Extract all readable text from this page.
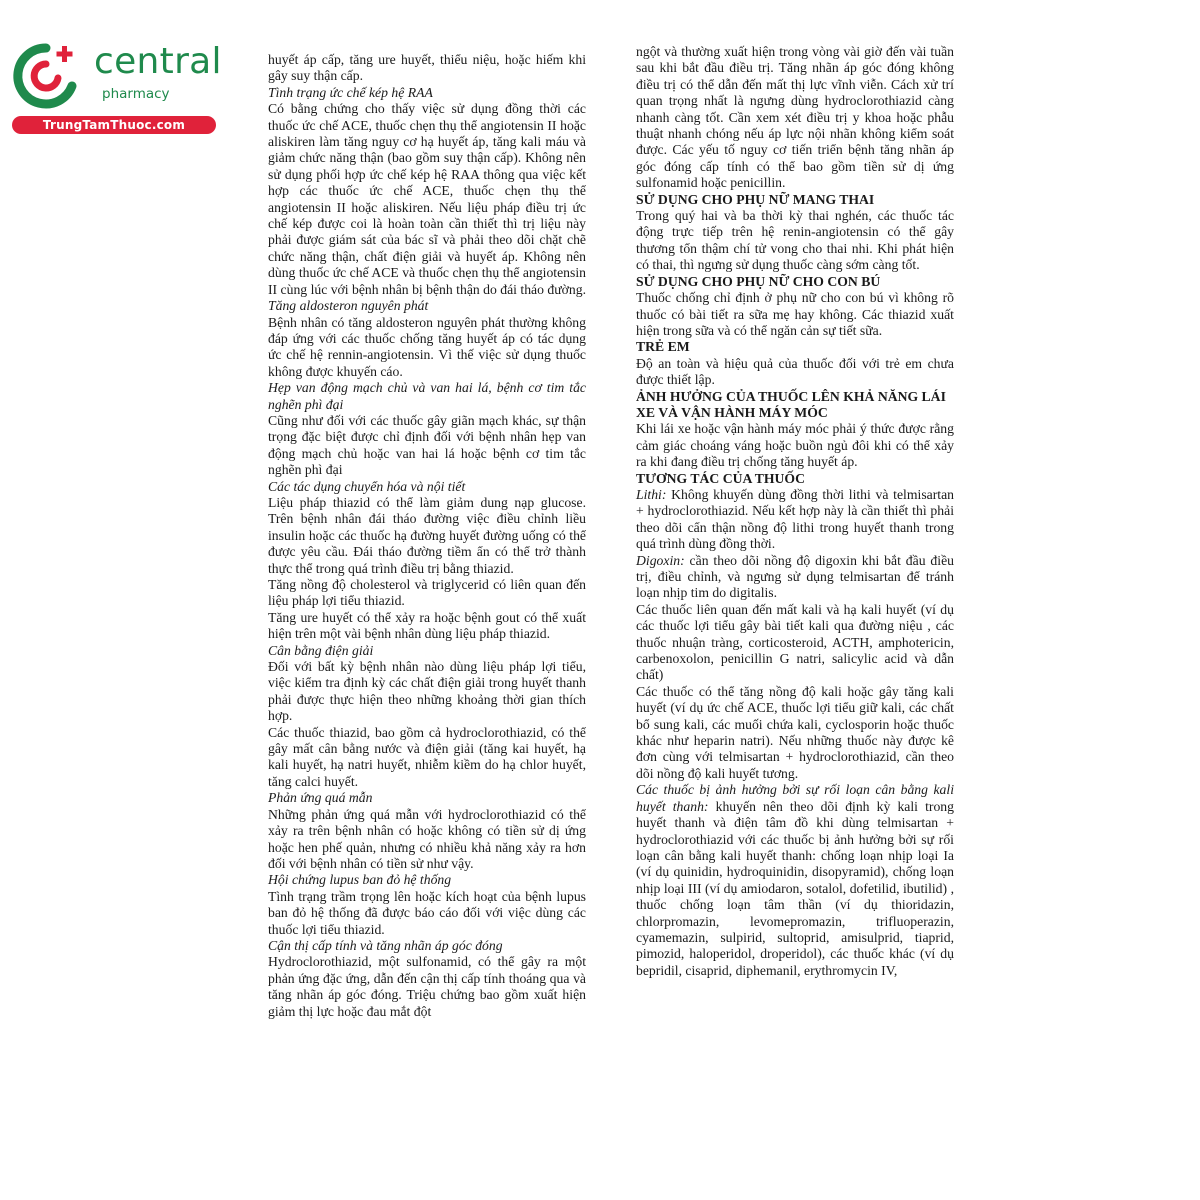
central
pharmacy
TrungTamThuoc.com

huyết áp cấp, tăng ure huyết, thiểu niệu, hoặc hiếm khi gây suy thận cấp.

Tình trạng ức chế kép hệ RAA

Có bằng chứng cho thấy việc sử dụng đồng thời các thuốc ức chế ACE, thuốc chẹn thụ thể angiotensin II hoặc aliskiren làm tăng nguy cơ hạ huyết áp, tăng kali máu và giảm chức năng thận (bao gồm suy thận cấp). Không nên sử dụng phối hợp ức chế kép hệ RAA thông qua việc kết hợp các thuốc ức chế ACE, thuốc chẹn thụ thể angiotensin II hoặc aliskiren. Nếu liệu pháp điều trị ức chế kép được coi là hoàn toàn cần thiết thì trị liệu này phải được giám sát của bác sĩ và phải theo dõi chặt chẽ chức năng thận, chất điện giải và huyết áp. Không nên dùng thuốc ức chế ACE và thuốc chẹn thụ thể angiotensin II cùng lúc với bệnh nhân bị bệnh thận do đái tháo đường.

Tăng aldosteron nguyên phát

Bệnh nhân có tăng aldosteron nguyên phát thường không đáp ứng với các thuốc chống tăng huyết áp có tác dụng ức chế hệ rennin-angiotensin. Vì thế việc sử dụng thuốc không được khuyến cáo.

Hẹp van động mạch chủ và van hai lá, bệnh cơ tim tắc nghẽn phì đại

Cũng như đối với các thuốc gây giãn mạch khác, sự thận trọng đặc biệt được chỉ định đối với bệnh nhân hẹp van động mạch chủ hoặc van hai lá hoặc bệnh cơ tim tắc nghẽn phì đại

Các tác dụng chuyển hóa và nội tiết

Liệu pháp thiazid có thể làm giảm dung nạp glucose. Trên bệnh nhân đái tháo đường việc điều chỉnh liều insulin hoặc các thuốc hạ đường huyết đường uống có thể được yêu cầu. Đái tháo đường tiềm ẩn có thể trở thành thực thể trong quá trình điều trị bằng thiazid.

Tăng nồng độ cholesterol và triglycerid có liên quan đến liệu pháp lợi tiểu thiazid.

Tăng ure huyết có thể xảy ra hoặc bệnh gout có thể xuất hiện trên một vài bệnh nhân dùng liệu pháp thiazid.

Cân bằng điện giải

Đối với bất kỳ bệnh nhân nào dùng liệu pháp lợi tiểu, việc kiểm tra định kỳ các chất điện giải trong huyết thanh phải được thực hiện theo những khoảng thời gian thích hợp.

Các thuốc thiazid, bao gồm cả hydroclorothiazid, có thể gây mất cân bằng nước và điện giải (tăng kai huyết, hạ kali huyết, hạ natri huyết, nhiễm kiềm do hạ chlor huyết, tăng calci huyết.

Phản ứng quá mẫn

Những phản ứng quá mẫn với hydroclorothiazid có thể xảy ra trên bệnh nhân có hoặc không có tiền sử dị ứng hoặc hen phế quản, nhưng có nhiều khả năng xảy ra hơn đối với bệnh nhân có tiền sử như vậy.

Hội chứng lupus ban đỏ hệ thống

Tình trạng trầm trọng lên hoặc kích hoạt của bệnh lupus ban đỏ hệ thống đã được báo cáo đối với việc dùng các thuốc lợi tiểu thiazid.

Cận thị cấp tính và tăng nhãn áp góc đóng

Hydroclorothiazid, một sulfonamid, có thể gây ra một phản ứng đặc ứng, dẫn đến cận thị cấp tính thoáng qua và tăng nhãn áp góc đóng. Triệu chứng bao gồm xuất hiện giảm thị lực hoặc đau mắt đột

ngột và thường xuất hiện trong vòng vài giờ đến vài tuần sau khi bắt đầu điều trị. Tăng nhãn áp góc đóng không điều trị có thể dẫn đến mất thị lực vĩnh viễn. Cách xử trí quan trọng nhất là ngưng dùng hydroclorothiazid càng nhanh càng tốt. Cần xem xét điều trị y khoa hoặc phẫu thuật nhanh chóng nếu áp lực nội nhãn không kiểm soát được. Các yếu tố nguy cơ tiến triển bệnh tăng nhãn áp góc đóng cấp tính có thể bao gồm tiền sử dị ứng sulfonamid hoặc penicillin.

SỬ DỤNG CHO PHỤ NỮ MANG THAI

Trong quý hai và ba thời kỳ thai nghén, các thuốc tác động trực tiếp trên hệ renin-angiotensin có thể gây thương tổn thậm chí tử vong cho thai nhi. Khi phát hiện có thai, thì ngưng sử dụng thuốc càng sớm càng tốt.

SỬ DỤNG CHO PHỤ NỮ CHO CON BÚ

Thuốc chống chỉ định ở phụ nữ cho con bú vì không rõ thuốc có bài tiết ra sữa mẹ hay không. Các thiazid xuất hiện trong sữa và có thể ngăn cản sự tiết sữa.

TRẺ EM

Độ an toàn và hiệu quả của thuốc đối với trẻ em chưa được thiết lập.

ẢNH HƯỞNG CỦA THUỐC LÊN KHẢ NĂNG LÁI XE VÀ VẬN HÀNH MÁY MÓC

Khi lái xe hoặc vận hành máy móc phải ý thức được rằng cảm giác choáng váng hoặc buồn ngủ đôi khi có thể xảy ra khi đang điều trị chống tăng huyết áp.

TƯƠNG TÁC CỦA THUỐC

Lithi: Không khuyến dùng đồng thời lithi và telmisartan + hydroclorothiazid. Nếu kết hợp này là cần thiết thì phải theo dõi cẩn thận nồng độ lithi trong huyết thanh trong quá trình dùng đồng thời.

Digoxin: cần theo dõi nồng độ digoxin khi bắt đầu điều trị, điều chỉnh, và ngưng sử dụng telmisartan để tránh loạn nhịp tim do digitalis.

Các thuốc liên quan đến mất kali và hạ kali huyết (ví dụ các thuốc lợi tiểu gây bài tiết kali qua đường niệu , các thuốc nhuận tràng, corticosteroid, ACTH, amphotericin, carbenoxolon, penicillin G natri, salicylic acid và dẫn chất)

Các thuốc có thể tăng nồng độ kali hoặc gây tăng kali huyết (ví dụ ức chế ACE, thuốc lợi tiểu giữ kali, các chất bổ sung kali, các muối chứa kali, cyclosporin hoặc thuốc khác như heparin natri). Nếu những thuốc này được kê đơn cùng với telmisartan + hydroclorothiazid, cần theo dõi nồng độ kali huyết tương.

Các thuốc bị ảnh hưởng bởi sự rối loạn cân bằng kali huyết thanh: khuyến nên theo dõi định kỳ kali trong huyết thanh và điện tâm đồ khi dùng telmisartan + hydroclorothiazid với các thuốc bị ảnh hưởng bởi sự rối loạn cân bằng kali huyết thanh: chống loạn nhịp loại Ia (ví dụ quinidin, hydroquinidin, disopyramid), chống loạn nhịp loại III (ví dụ amiodaron, sotalol, dofetilid, ibutilid) , thuốc chống loạn tâm thần (ví dụ thioridazin, chlorpromazin, levomepromazin, trifluoperazin, cyamemazin, sulpirid, sultoprid, amisulprid, tiaprid, pimozid, haloperidol, droperidol), các thuốc khác (ví dụ bepridil, cisaprid, diphemanil, erythromycin IV,
